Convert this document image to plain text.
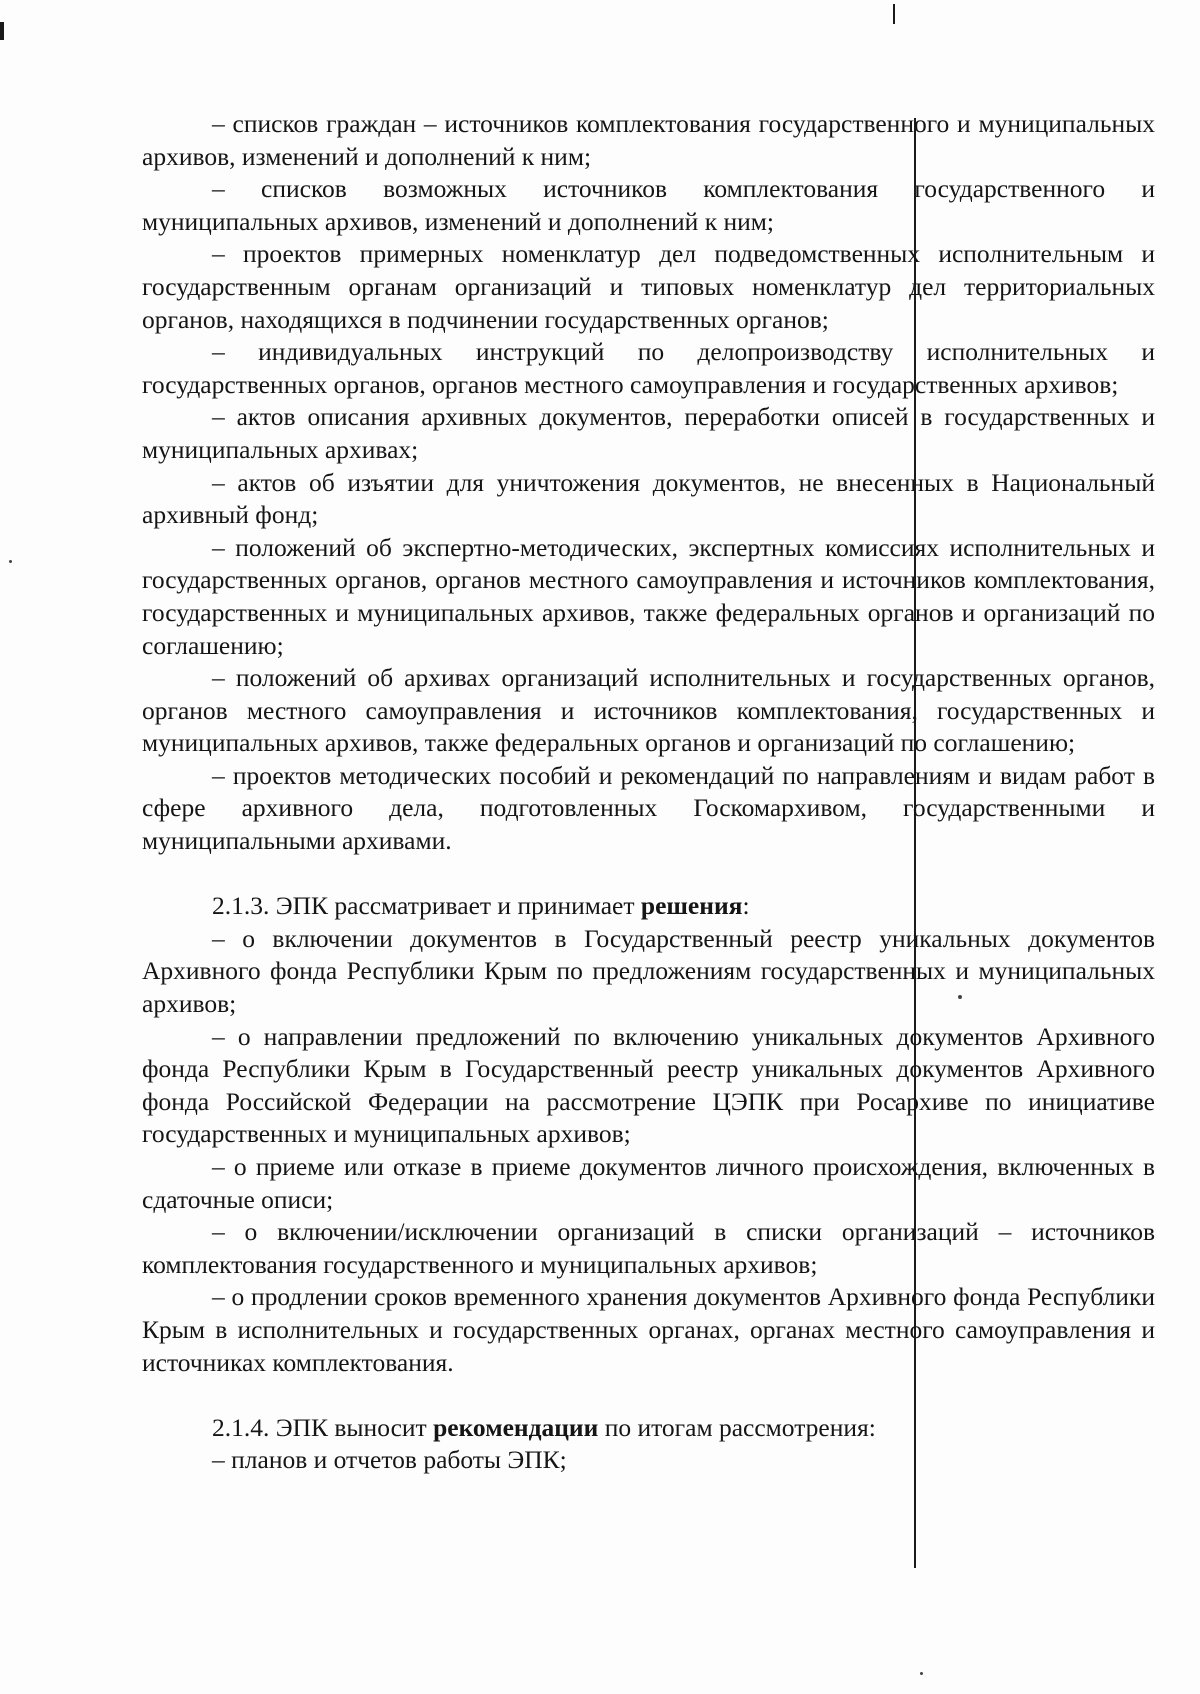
– списков граждан – источников комплектования государственного и муниципальных архивов, изменений и дополнений к ним;

– списков возможных источников комплектования государственного и муниципальных архивов, изменений и дополнений к ним;

– проектов примерных номенклатур дел подведомственных исполнительным и государственным органам организаций и типовых номенклатур дел территориальных органов, находящихся в подчинении государственных органов;

– индивидуальных инструкций по делопроизводству исполнительных и государственных органов, органов местного самоуправления и государственных архивов;

– актов описания архивных документов, переработки описей в государственных и муниципальных архивах;

– актов об изъятии для уничтожения документов, не внесенных в Национальный архивный фонд;

– положений об экспертно-методических, экспертных комиссиях исполнительных и государственных органов, органов местного самоуправления и источников комплектования, государственных и муниципальных архивов, также федеральных органов и организаций по соглашению;

– положений об архивах организаций исполнительных и государственных органов, органов местного самоуправления и источников комплектования, государственных и муниципальных архивов, также федеральных органов и организаций по соглашению;

– проектов методических пособий и рекомендаций по направлениям и видам работ в сфере архивного дела, подготовленных Госкомархивом, государственными и муниципальными архивами.

2.1.3. ЭПК рассматривает и принимает решения:

– о включении документов в Государственный реестр уникальных документов Архивного фонда Республики Крым по предложениям государственных и муниципальных архивов;

– о направлении предложений по включению уникальных документов Архивного фонда Республики Крым в Государственный реестр уникальных документов Архивного фонда Российской Федерации на рассмотрение ЦЭПК при Росархиве по инициативе государственных и муниципальных архивов;

– о приеме или отказе в приеме документов личного происхождения, включенных в сдаточные описи;

– о включении/исключении организаций в списки организаций – источников комплектования государственного и муниципальных архивов;

– о продлении сроков временного хранения документов Архивного фонда Республики Крым в исполнительных и государственных органах, органах местного самоуправления и источниках комплектования.

2.1.4. ЭПК выносит рекомендации по итогам рассмотрения:

– планов и отчетов работы ЭПК;
